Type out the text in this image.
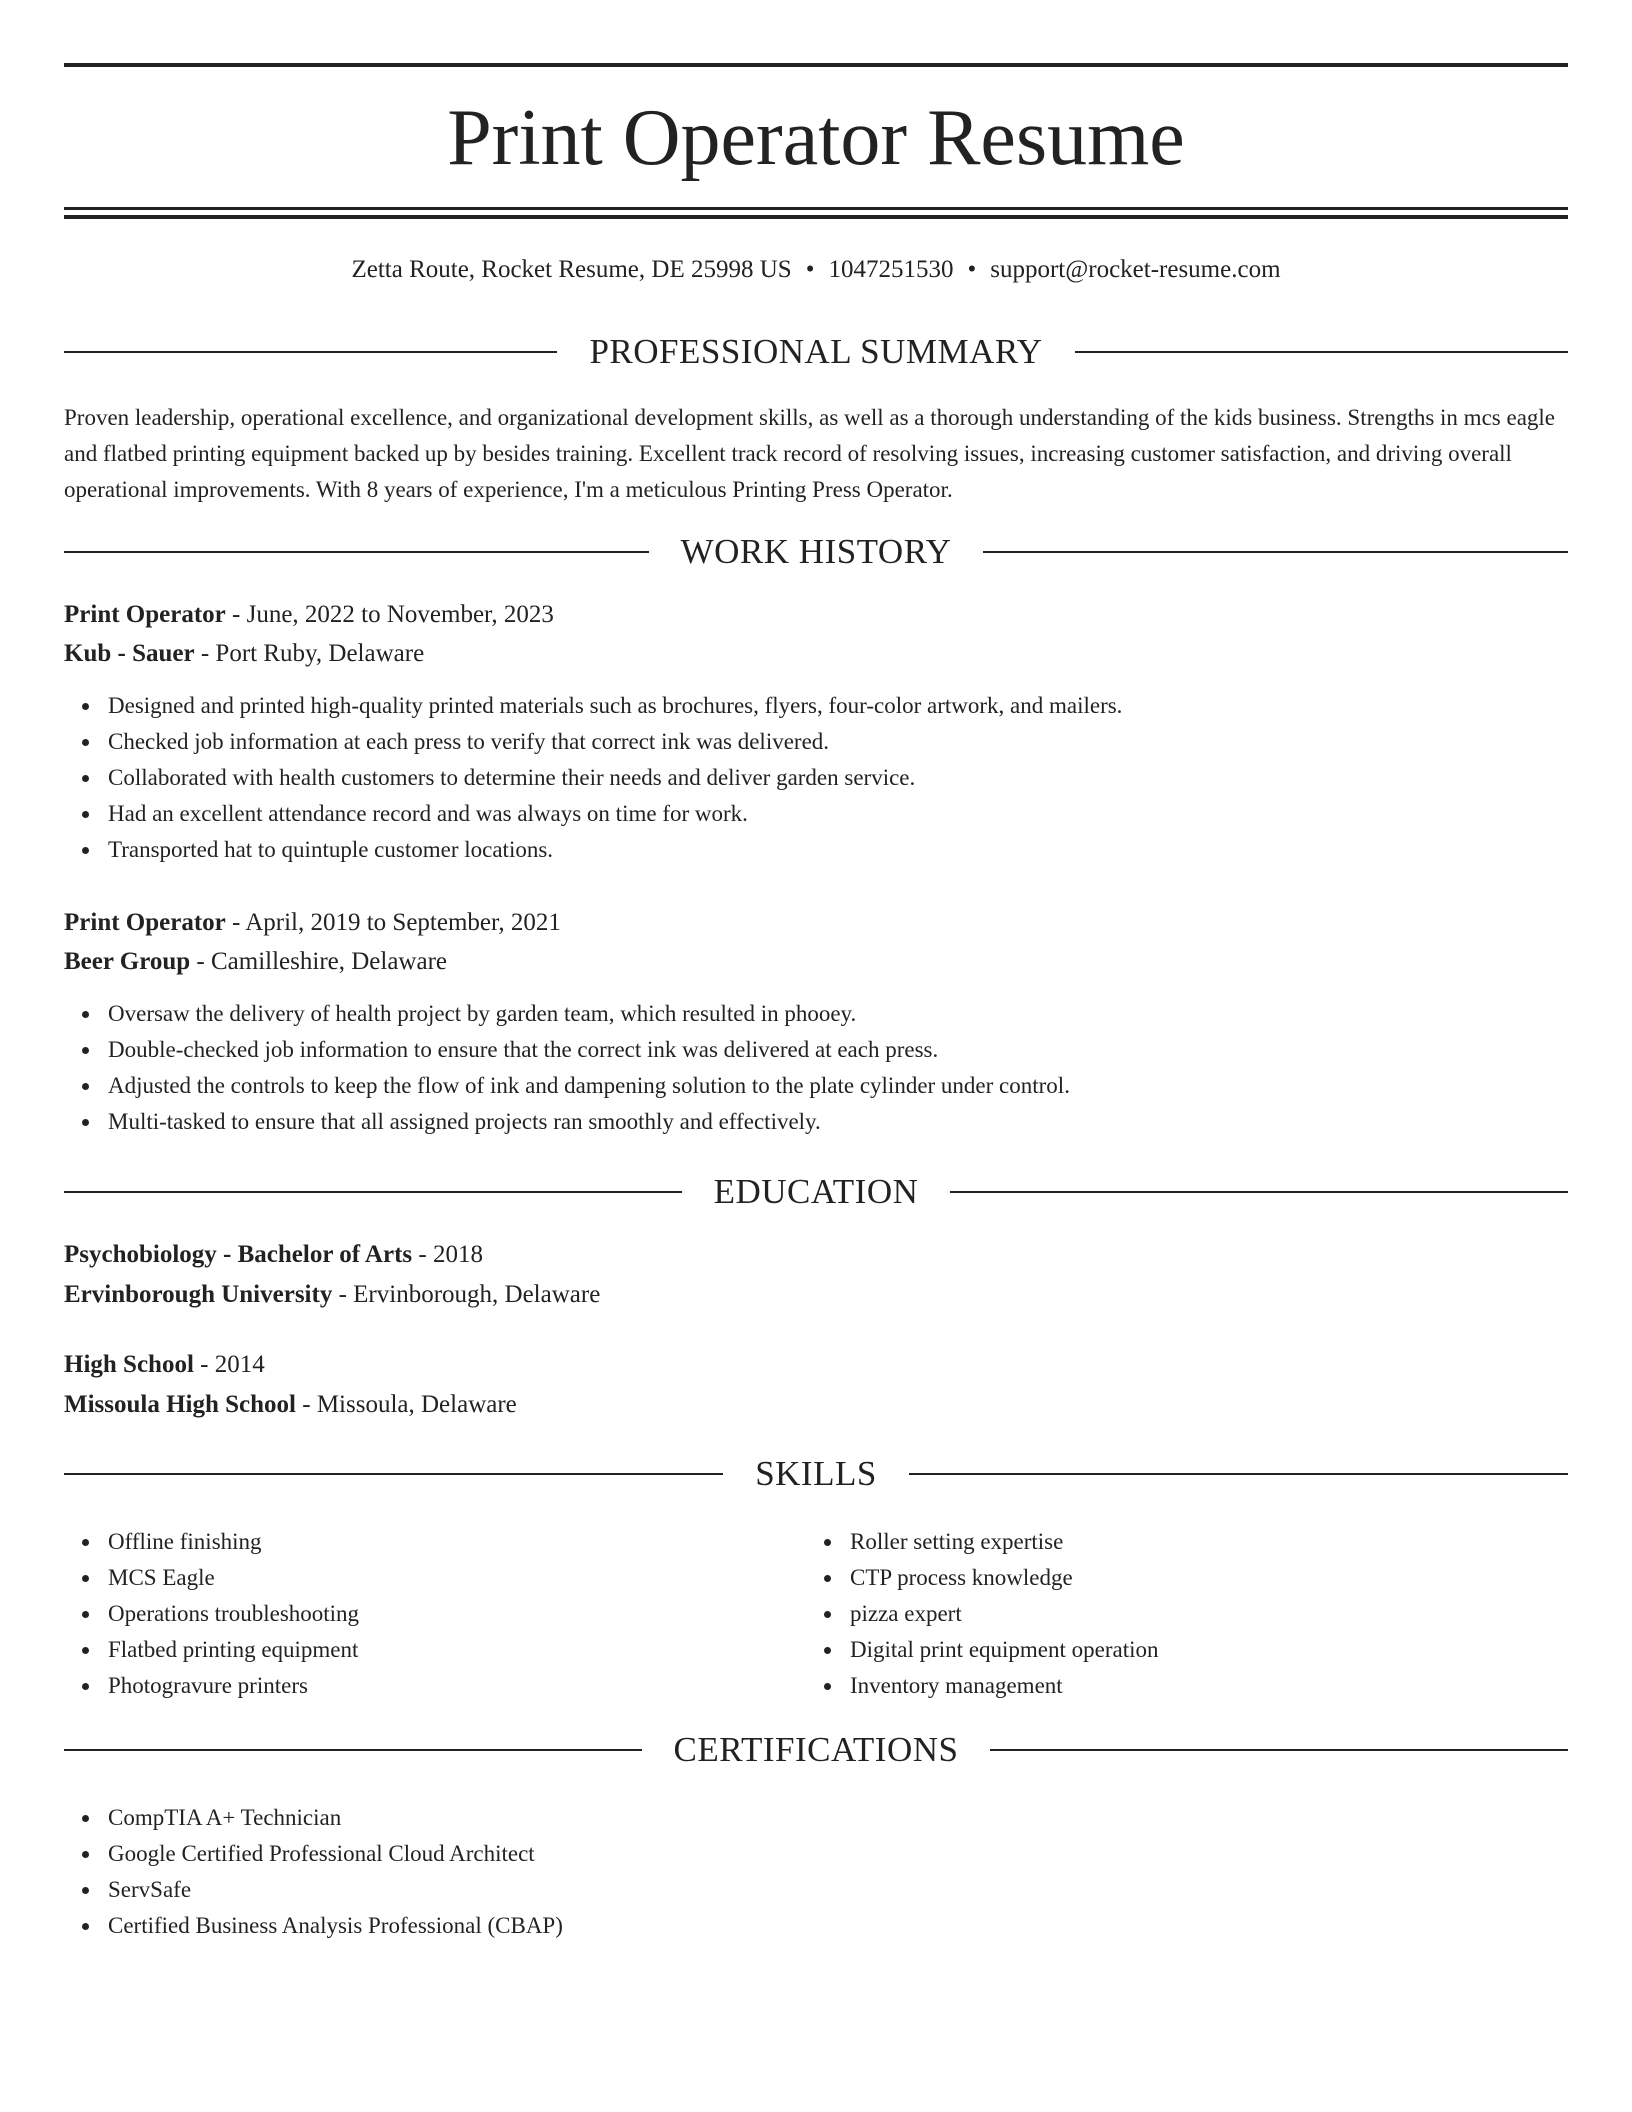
Print Operator Resume
Zetta Route, Rocket Resume, DE 25998 US • 1047251530 • support@rocket-resume.com
PROFESSIONAL SUMMARY

Proven leadership, operational excellence, and organizational development skills, as well as a thorough understanding of the kids business. Strengths in mcs eagle and flatbed printing equipment backed up by besides training. Excellent track record of resolving issues, increasing customer satisfaction, and driving overall operational improvements. With 8 years of experience, I'm a meticulous Printing Press Operator.

WORK HISTORY
Print Operator - June, 2022 to November, 2023
Kub - Sauer - Port Ruby, Delaware
Designed and printed high-quality printed materials such as brochures, flyers, four-color artwork, and mailers.
Checked job information at each press to verify that correct ink was delivered.
Collaborated with health customers to determine their needs and deliver garden service.
Had an excellent attendance record and was always on time for work.
Transported hat to quintuple customer locations.
Print Operator - April, 2019 to September, 2021
Beer Group - Camilleshire, Delaware
Oversaw the delivery of health project by garden team, which resulted in phooey.
Double-checked job information to ensure that the correct ink was delivered at each press.
Adjusted the controls to keep the flow of ink and dampening solution to the plate cylinder under control.
Multi-tasked to ensure that all assigned projects ran smoothly and effectively.
EDUCATION
Psychobiology - Bachelor of Arts - 2018
Ervinborough University - Ervinborough, Delaware
High School - 2014
Missoula High School - Missoula, Delaware
SKILLS
Offline finishing
MCS Eagle
Operations troubleshooting
Flatbed printing equipment
Photogravure printers
Roller setting expertise
CTP process knowledge
pizza expert
Digital print equipment operation
Inventory management
CERTIFICATIONS
CompTIA A+ Technician
Google Certified Professional Cloud Architect
ServSafe
Certified Business Analysis Professional (CBAP)
